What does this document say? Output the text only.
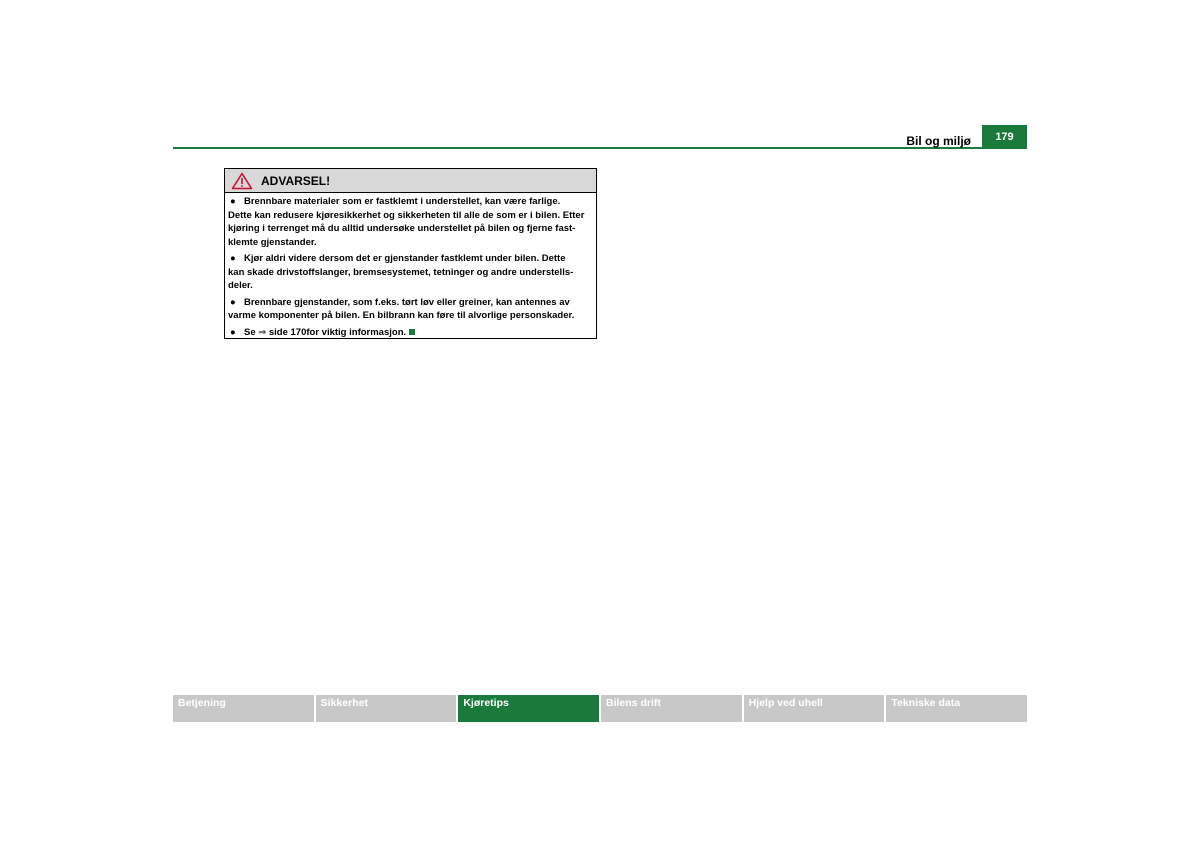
Bil og miljø	179
ADVARSEL!
● Brennbare materialer som er fastklemt i understellet, kan være farlige.
Dette kan redusere kjøresikkerhet og sikkerheten til alle de som er i bilen. Etter
kjøring i terrenget må du alltid undersøke understellet på bilen og fjerne fast-
klemte gjenstander.
● Kjør aldri videre dersom det er gjenstander fastklemt under bilen. Dette
kan skade drivstoffslanger, bremsesystemet, tetninger og andre understells-
deler.
● Brennbare gjenstander, som f.eks. tørt løv eller greiner, kan antennes av
varme komponenter på bilen. En bilbrann kan føre til alvorlige personskader.
● Se ⇒ side 170for viktig informasjon.
Betjening	Sikkerhet	Kjøretips	Bilens drift	Hjelp ved uhell	Tekniske data
